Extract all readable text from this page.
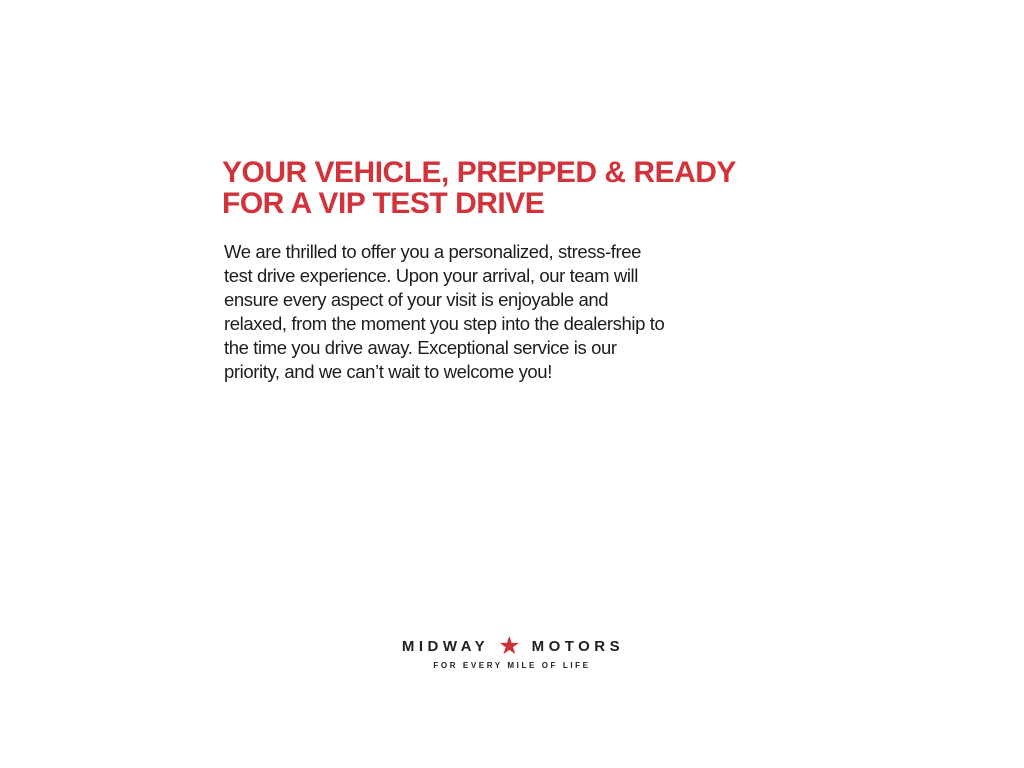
YOUR VEHICLE, PREPPED & READY
FOR A VIP TEST DRIVE
We are thrilled to offer you a personalized, stress-free
test drive experience. Upon your arrival, our team will
ensure every aspect of your visit is enjoyable and
relaxed, from the moment you step into the dealership to
the time you drive away. Exceptional service is our
priority, and we can’t wait to welcome you!
MIDWAY ★ MOTORS
FOR EVERY MILE OF LIFE
